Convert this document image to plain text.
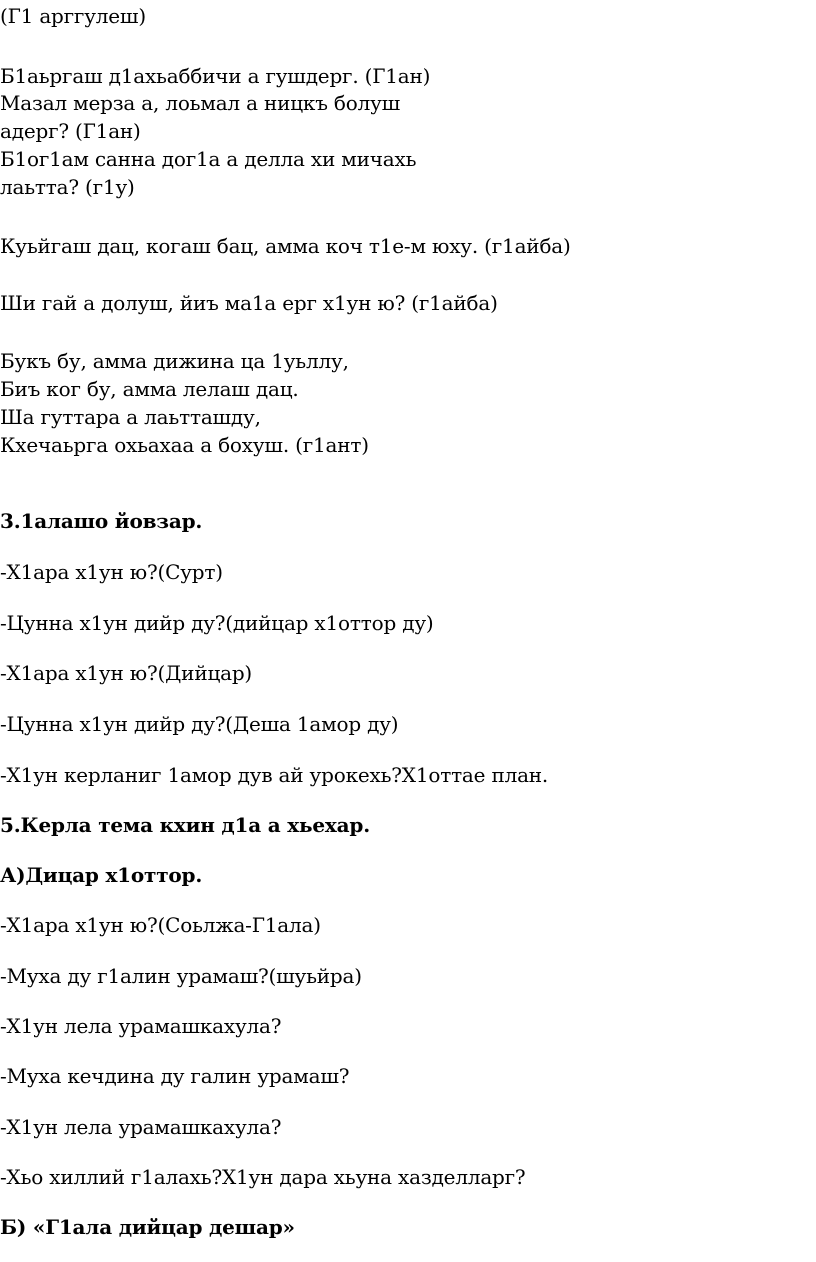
(Г1 арггулеш)

Б1аьргаш д1ахьаббичи а гушдерг. (Г1ан)

Мазал мерза а, лоьмал а ницкъ болуш

адерг? (Г1ан)

Б1ог1ам санна дог1а а делла хи мичахь

лаьтта? (г1у)

Куьйгаш дац, когаш бац, амма коч т1е-м юху. (г1айба)

Ши гай а долуш, йиъ ма1а ерг х1ун ю? (г1айба)

Букъ бу, амма дижина ца 1уьллу,

Биъ ког бу, амма лелаш дац.

Ша гуттара а лаьтташду,

Кхечаьрга охьахаа а бохуш. (г1ант)

3.1алашо йовзар.

-Х1ара х1ун ю?(Сурт)

-Цунна х1ун дийр ду?(дийцар х1оттор ду)

-Х1ара х1ун ю?(Дийцар)

-Цунна х1ун дийр ду?(Деша 1амор ду)

-Х1ун керланиг 1амор дув ай урокехь?Х1оттае план.

5.Керла тема кхин д1а а хьехар.

А)Дицар х1оттор.

-Х1ара х1ун ю?(Соьлжа-Г1ала)

-Муха ду г1алин урамаш?(шуьйра)

-Х1ун лела урамашкахула?

-Муха кечдина ду галин урамаш?

-Х1ун лела урамашкахула?

-Хьо хиллий г1алахь?Х1ун дара хьуна хазделларг?

Б) «Г1ала дийцар дешар»
